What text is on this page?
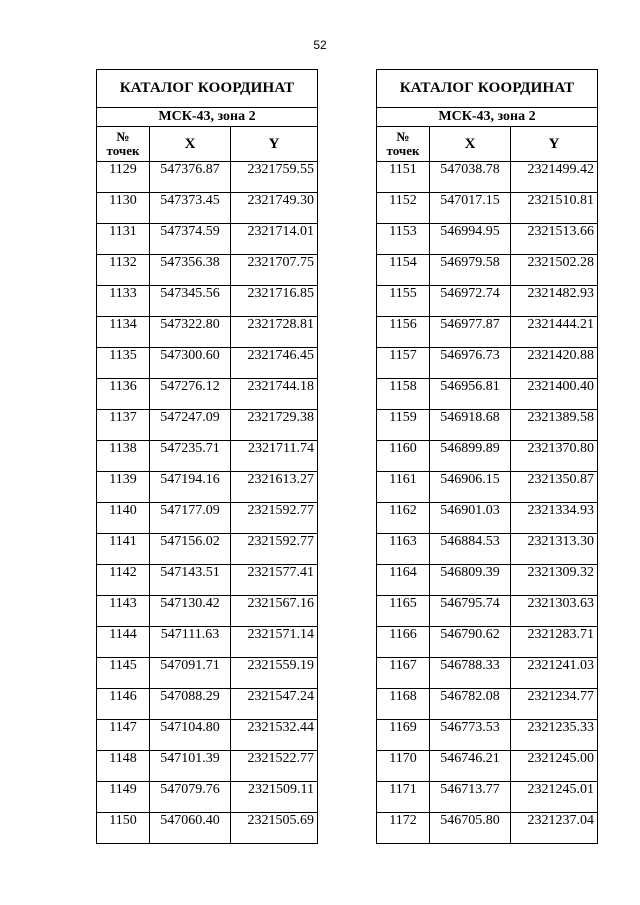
52
КАТАЛОГ КООРДИНАТ		
МСК-43, зона 2		

№
точек	X	Y
1129	547376.87	2321759.55
1130	547373.45	2321749.30
1131	547374.59	2321714.01
1132	547356.38	2321707.75
1133	547345.56	2321716.85
1134	547322.80	2321728.81
1135	547300.60	2321746.45
1136	547276.12	2321744.18
1137	547247.09	2321729.38
1138	547235.71	2321711.74
1139	547194.16	2321613.27
1140	547177.09	2321592.77
1141	547156.02	2321592.77
1142	547143.51	2321577.41
1143	547130.42	2321567.16
1144	547111.63	2321571.14
1145	547091.71	2321559.19
1146	547088.29	2321547.24
1147	547104.80	2321532.44
1148	547101.39	2321522.77
1149	547079.76	2321509.11
1150	547060.40	2321505.69
КАТАЛОГ КООРДИНАТ		
МСК-43, зона 2		

№
точек	X	Y
1151	547038.78	2321499.42
1152	547017.15	2321510.81
1153	546994.95	2321513.66
1154	546979.58	2321502.28
1155	546972.74	2321482.93
1156	546977.87	2321444.21
1157	546976.73	2321420.88
1158	546956.81	2321400.40
1159	546918.68	2321389.58
1160	546899.89	2321370.80
1161	546906.15	2321350.87
1162	546901.03	2321334.93
1163	546884.53	2321313.30
1164	546809.39	2321309.32
1165	546795.74	2321303.63
1166	546790.62	2321283.71
1167	546788.33	2321241.03
1168	546782.08	2321234.77
1169	546773.53	2321235.33
1170	546746.21	2321245.00
1171	546713.77	2321245.01
1172	546705.80	2321237.04
